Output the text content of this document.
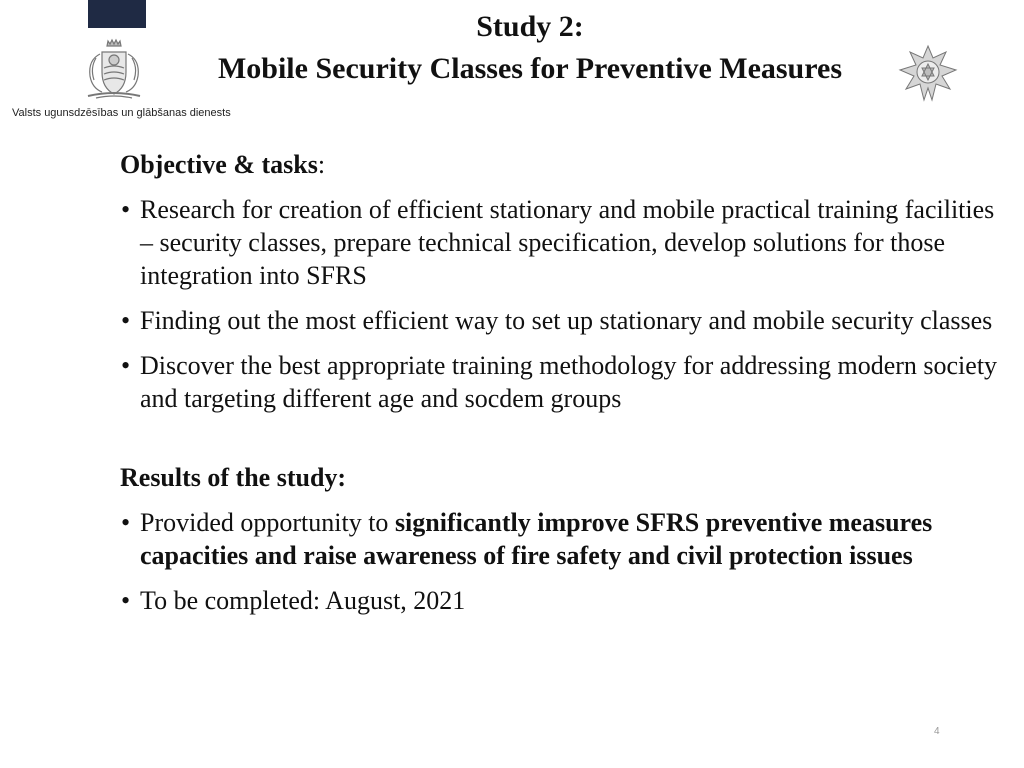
Study 2:
Mobile Security Classes for Preventive Measures
Valsts ugunsdzēsības un glābšanas dienests

Objective & tasks:

• Research for creation of efficient stationary and mobile practical training facilities – security classes, prepare technical specification, develop solutions for those integration into SFRS
• Finding out the most efficient way to set up stationary and mobile security classes
• Discover the best appropriate training methodology for addressing modern society and targeting different age and socdem groups

Results of the study:

• Provided opportunity to significantly improve SFRS preventive measures capacities and raise awareness of fire safety and civil protection issues
• To be completed: August, 2021
4
